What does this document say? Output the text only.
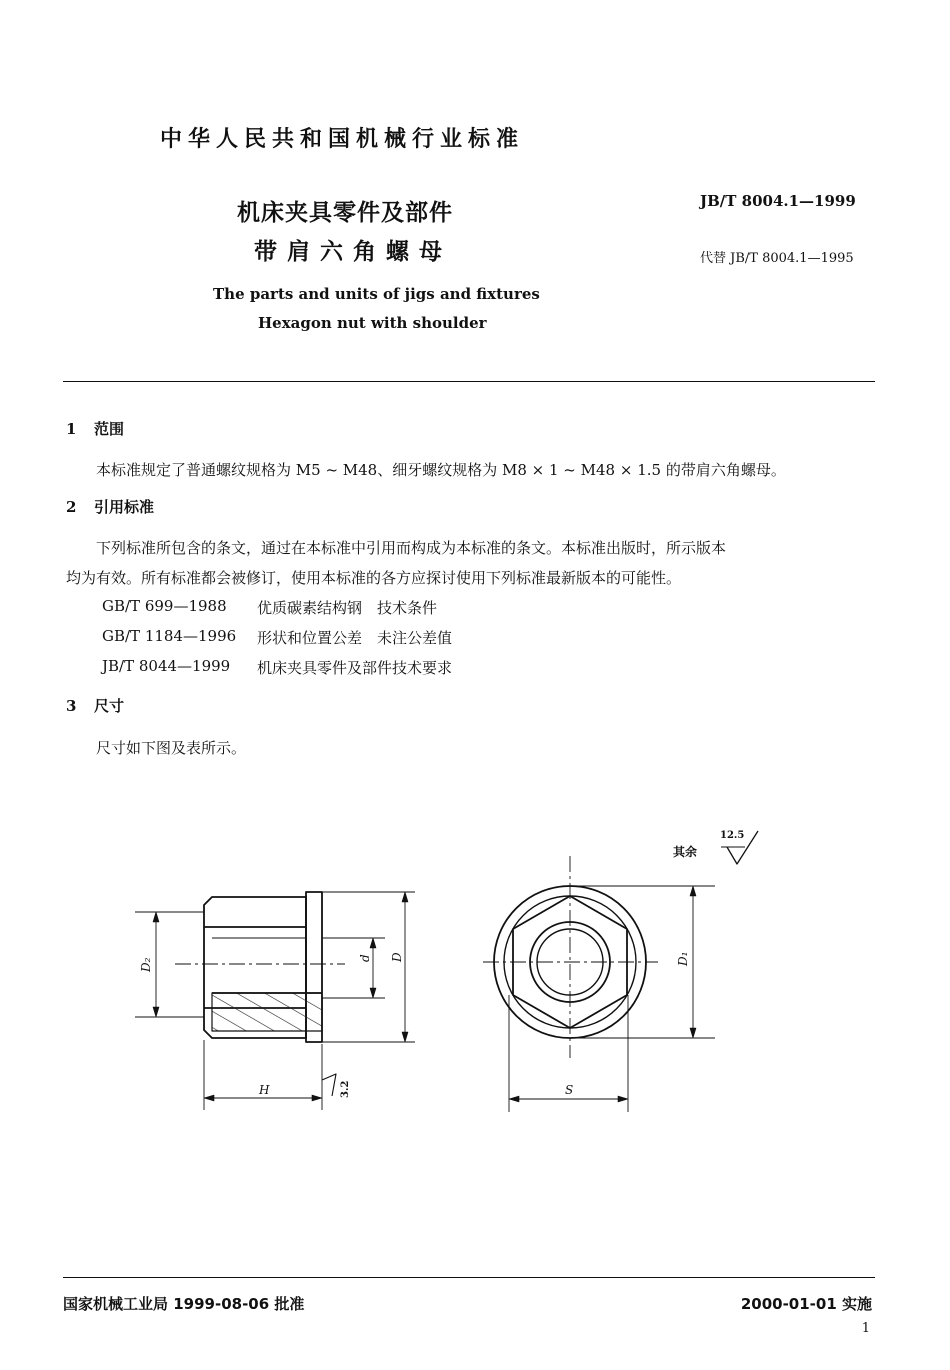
中华人民共和国机械行业标准
机床夹具零件及部件
带肩六角螺母
JB/T 8004.1—1999
代替 JB/T 8004.1—1995
The parts and units of jigs and fixtures
Hexagon nut with shoulder
1 范围
本标准规定了普通螺纹规格为 M5 ~ M48、细牙螺纹规格为 M8 × 1 ~ M48 × 1.5 的带肩六角螺母。
2 引用标准
下列标准所包含的条文，通过在本标准中引用而构成为本标准的条文。本标准出版时，所示版本
均为有效。所有标准都会被修订，使用本标准的各方应探讨使用下列标准最新版本的可能性。
GB/T 699—1988 优质碳素结构钢　技术条件
GB/T 1184—1996 形状和位置公差　未注公差值
JB/T 8044—1999 机床夹具零件及部件技术要求
3 尺寸
尺寸如下图及表所示。
D₂	d D
H	3.2
D₁
S
其余
12.5
国家机械工业局 1999-08-06 批准	2000-01-01 实施
1
